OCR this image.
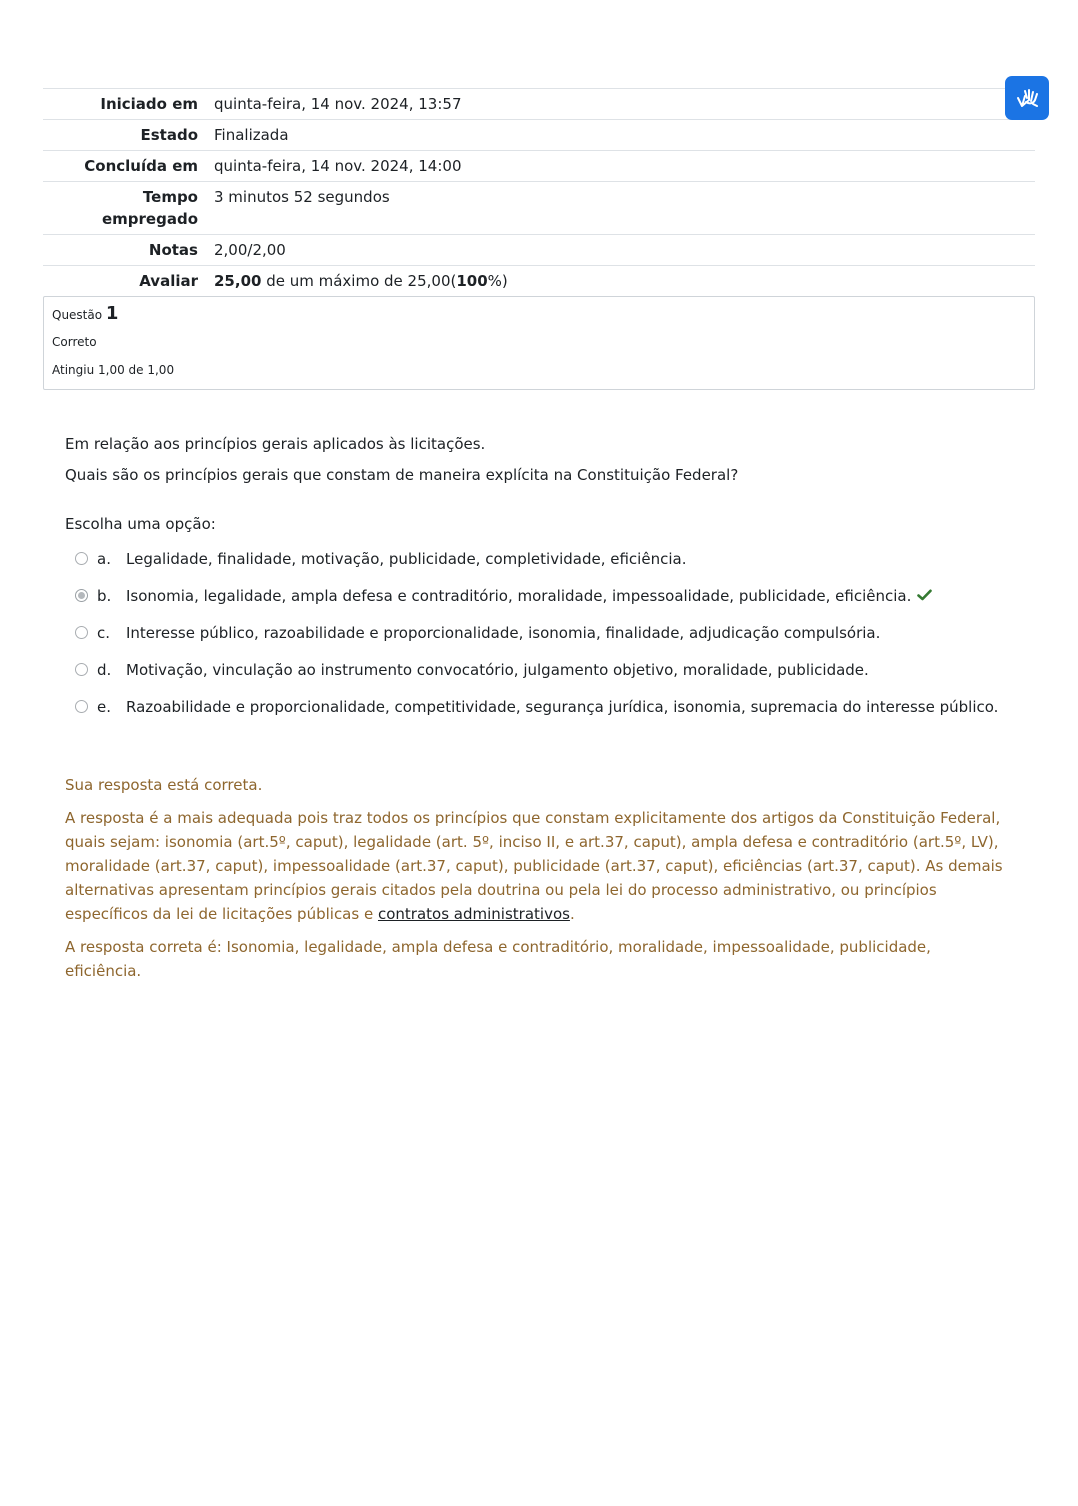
Iniciado em	quinta-feira, 14 nov. 2024, 13:57
Estado	Finalizada
Concluída em	quinta-feira, 14 nov. 2024, 14:00
Tempo
empregado	3 minutos 52 segundos
Notas	2,00/2,00
Avaliar	25,00 de um máximo de 25,00(100%)
Questão 1
Correto
Atingiu 1,00 de 1,00
Em relação aos princípios gerais aplicados às licitações.
Quais são os princípios gerais que constam de maneira explícita na Constituição Federal?
Escolha uma opção:
a.	Legalidade, finalidade, motivação, publicidade, completividade, eficiência.
b. Isonomia, legalidade, ampla defesa e contraditório, moralidade, impessoalidade, publicidade, eficiência.
c.	Interesse público, razoabilidade e proporcionalidade, isonomia, finalidade, adjudicação compulsória.
d. Motivação, vinculação ao instrumento convocatório, julgamento objetivo, moralidade, publicidade.
e.	Razoabilidade e proporcionalidade, competitividade, segurança jurídica, isonomia, supremacia do interesse público.
Sua resposta está correta.
A resposta é a mais adequada pois traz todos os princípios que constam explicitamente dos artigos da Constituição Federal, quais sejam: isonomia (art.5º, caput), legalidade (art. 5º, inciso II, e art.37, caput), ampla defesa e contraditório (art.5º, LV), moralidade (art.37, caput), impessoalidade (art.37, caput), publicidade (art.37, caput), eficiências (art.37, caput). As demais alternativas apresentam princípios gerais citados pela doutrina ou pela lei do processo administrativo, ou princípios específicos da lei de licitações públicas e contratos administrativos.
A resposta correta é: Isonomia, legalidade, ampla defesa e contraditório, moralidade, impessoalidade, publicidade, eficiência.
